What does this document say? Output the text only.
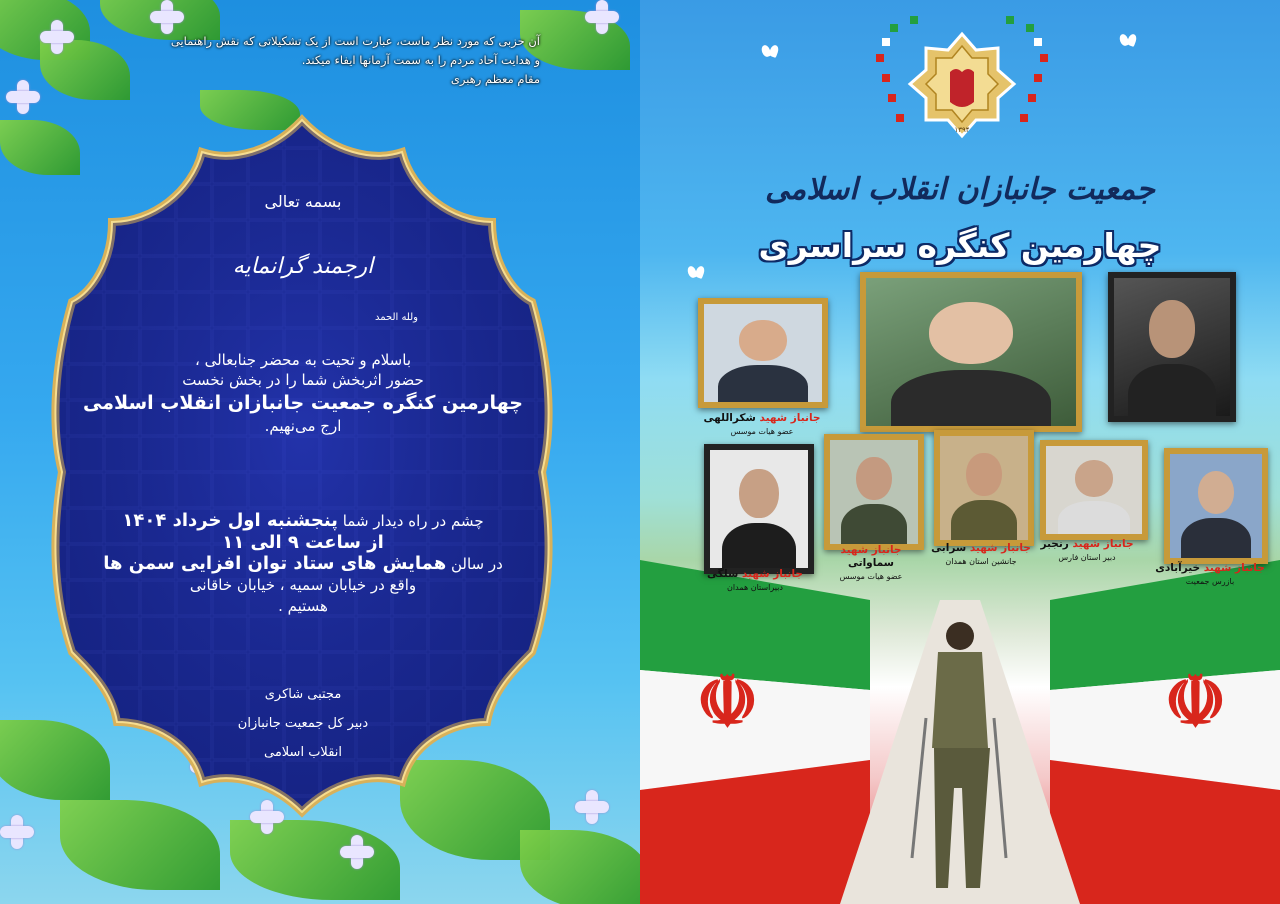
آن حزبی که مورد نظر ماست، عبارت است از یک تشکیلاتی که نقش راهنمایی
و هدایت آحاد مردم را به سمت آرمانها ایفاء میکند.
مقام معظم رهبری
بسمه تعالی
ارجمند گرانمایه
ولله الحمد
باسلام و تحیت به محضر جنابعالی ،
حضور اثربخش شما را در بخش نخست
چهارمین کنگره جمعیت جانبازان انقلاب اسلامی
ارج می‌نهیم.
چشم در راه دیدار شما پنجشنبه اول خرداد ۱۴۰۴
از ساعت ۹ الی ۱۱
در سالن همایش های ستاد توان افزایی سمن ها
واقع در خیابان سمیه ، خیابان خاقانی
هستیم .
مجتبی شاکری
دبیر کل جمعیت جانبازان
انقلاب اسلامی
۱۳۹۴
جمعیت جانبازان انقلاب اسلامی
چهارمین کنگره سراسری
☫	☫
جانباز شهید شکراللهی
عضو هیات موسس
جانباز شهید سلگی
دبیراستان همدان
جانباز شهید سماواتی
عضو هیات موسس
جانباز شهید سرابی
جانشین استان همدان
جانباز شهید رنجبر
دبیر استان فارس
جانباز شهید خیرآبادی
بازرس جمعیت
